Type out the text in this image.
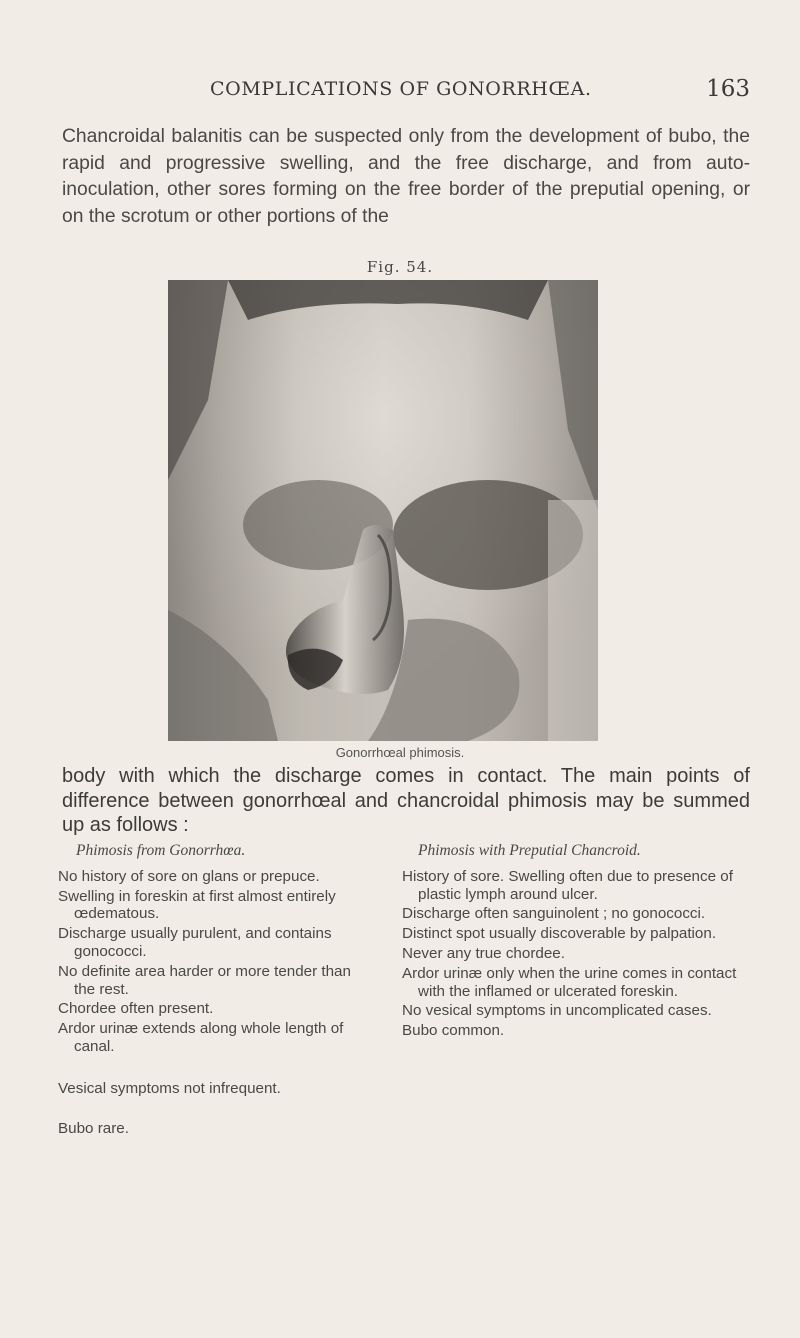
COMPLICATIONS OF GONORRHŒA.	163

Chancroidal balanitis can be suspected only from the development of bubo, the rapid and progressive swelling, and the free discharge, and from auto-inoculation, other sores forming on the free border of the preputial opening, or on the scrotum or other portions of the

Fig. 54.
Gonorrhœal phimosis.

body with which the discharge comes in contact. The main points of difference between gonorrhœal and chancroidal phimosis may be summed up as follows :

Phimosis from Gonorrhœa.
No history of sore on glans or prepuce.
Swelling in foreskin at first almost entirely œdematous.
Discharge usually purulent, and contains gonococci.
No definite area harder or more tender than the rest.
Chordee often present.
Ardor urinæ extends along whole length of canal.
Vesical symptoms not infrequent.
Bubo rare.
Phimosis with Preputial Chancroid.
History of sore. Swelling often due to presence of plastic lymph around ulcer.
Discharge often sanguinolent ; no gonococci.
Distinct spot usually discoverable by palpation.
Never any true chordee.
Ardor urinæ only when the urine comes in contact with the inflamed or ulcerated foreskin.
No vesical symptoms in uncomplicated cases.
Bubo common.
